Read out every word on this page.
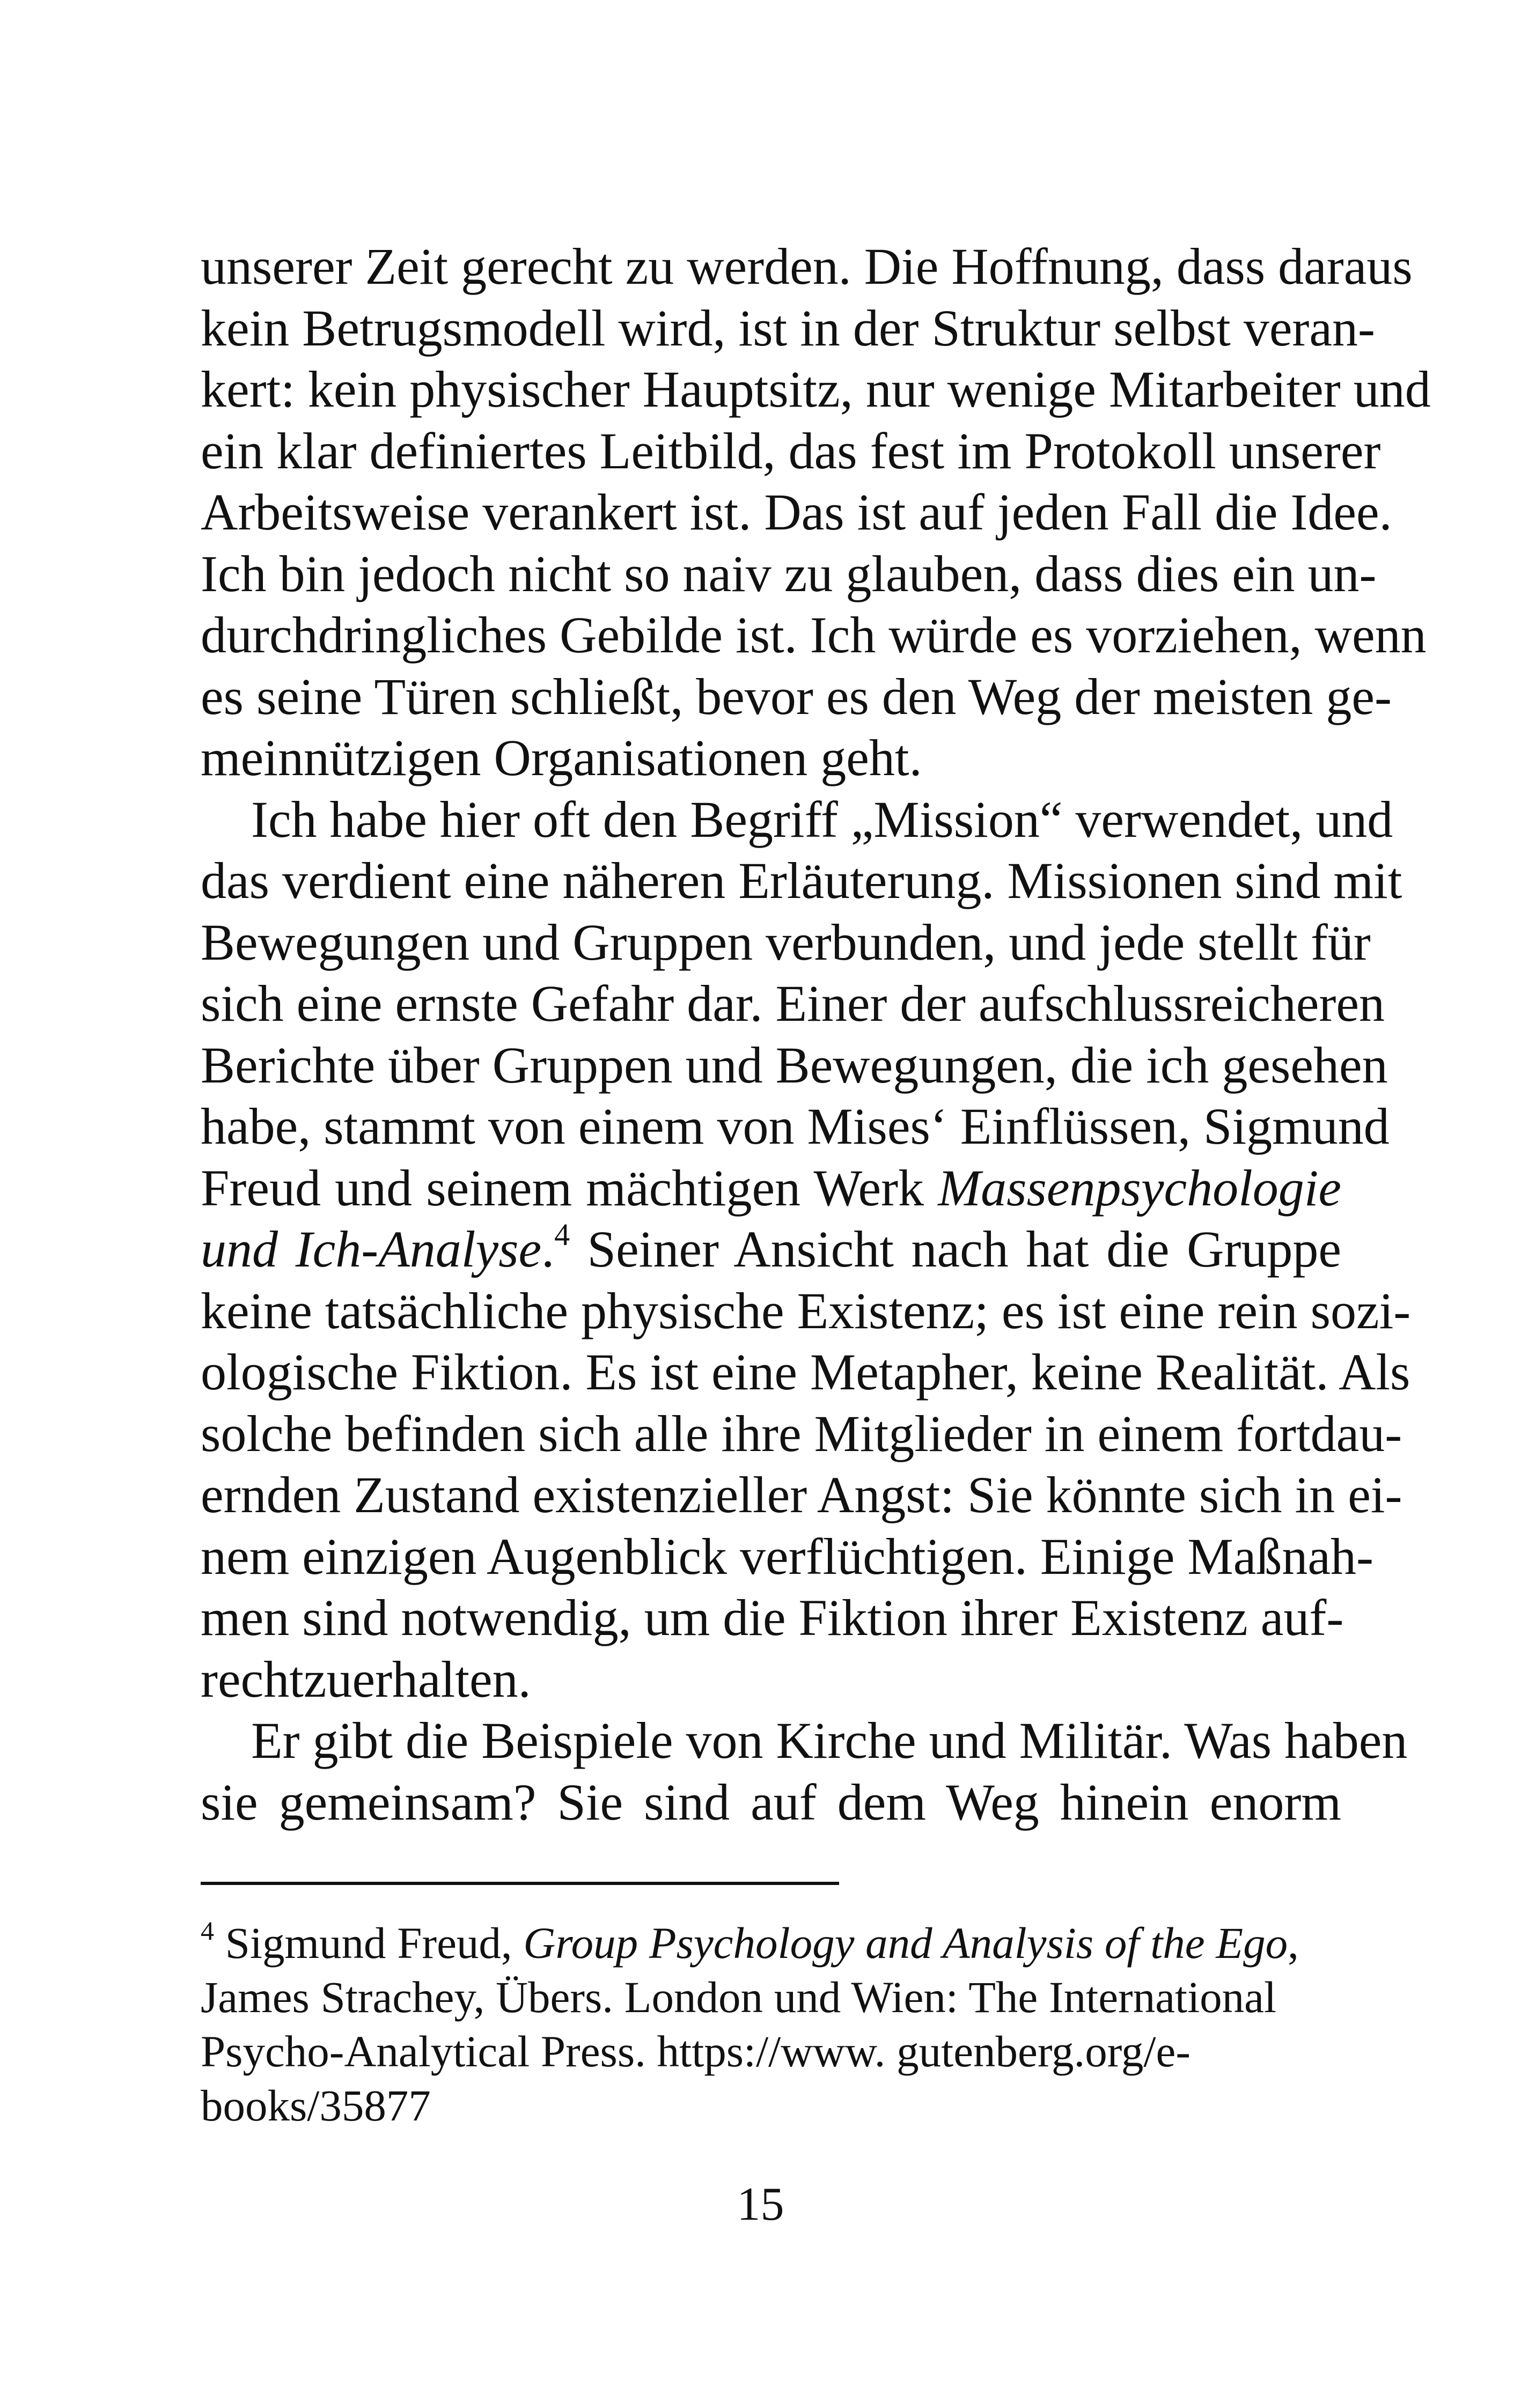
unserer Zeit gerecht zu werden. Die Hoffnung, dass daraus
kein Betrugsmodell wird, ist in der Struktur selbst veran-
kert: kein physischer Hauptsitz, nur wenige Mitarbeiter und
ein klar definiertes Leitbild, das fest im Protokoll unserer
Arbeitsweise verankert ist. Das ist auf jeden Fall die Idee.
Ich bin jedoch nicht so naiv zu glauben, dass dies ein un-
durchdringliches Gebilde ist. Ich würde es vorziehen, wenn
es seine Türen schließt, bevor es den Weg der meisten ge-
meinnützigen Organisationen geht.
Ich habe hier oft den Begriff „Mission“ verwendet, und
das verdient eine näheren Erläuterung. Missionen sind mit
Bewegungen und Gruppen verbunden, und jede stellt für
sich eine ernste Gefahr dar. Einer der aufschlussreicheren
Berichte über Gruppen und Bewegungen, die ich gesehen
habe, stammt von einem von Mises‘ Einflüssen, Sigmund
Freud und seinem mächtigen Werk Massenpsychologie
und Ich-Analyse.$^4$ Seiner Ansicht nach hat die Gruppe
keine tatsächliche physische Existenz; es ist eine rein sozi-
ologische Fiktion. Es ist eine Metapher, keine Realität. Als
solche befinden sich alle ihre Mitglieder in einem fortdau-
ernden Zustand existenzieller Angst: Sie könnte sich in ei-
nem einzigen Augenblick verflüchtigen. Einige Maßnah-
men sind notwendig, um die Fiktion ihrer Existenz auf-
rechtzuerhalten.
Er gibt die Beispiele von Kirche und Militär. Was haben
sie gemeinsam? Sie sind auf dem Weg hinein enorm
$^4$ Sigmund Freud, Group Psychology and Analysis of the Ego,
James Strachey, Übers. London und Wien: The International
Psycho-Analytical Press. https://www. gutenberg.org/e-
books/35877
15
